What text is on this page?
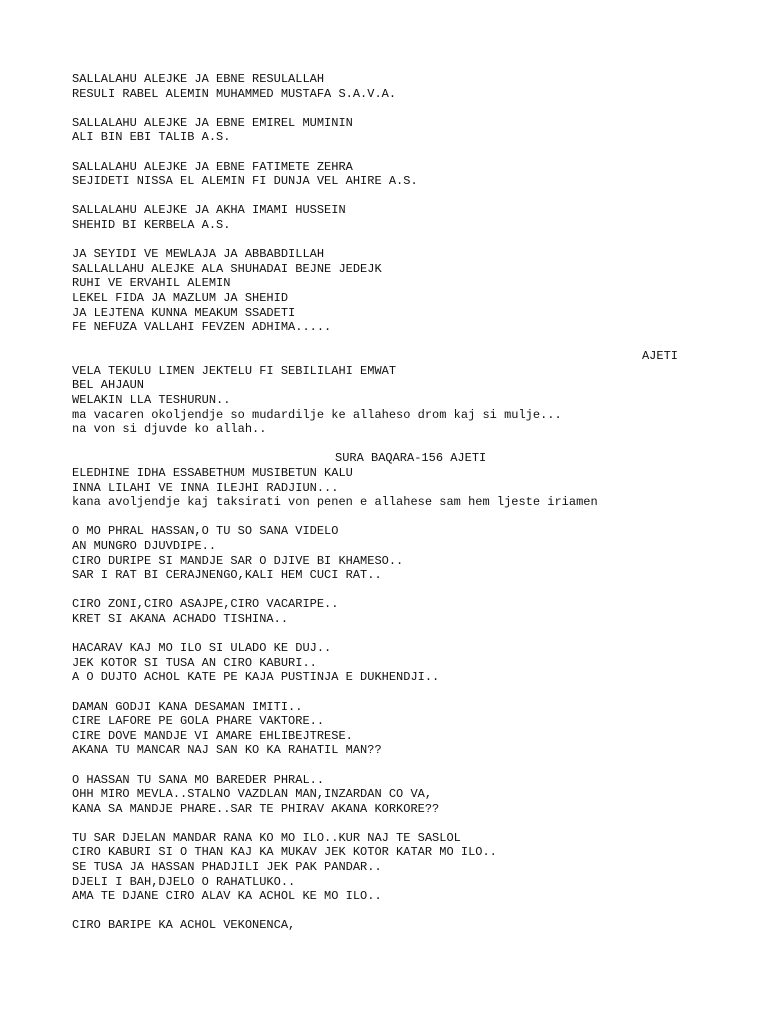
SALLALAHU ALEJKE JA EBNE RESULALLAH
RESULI RABEL ALEMIN MUHAMMED MUSTAFA S.A.V.A.
SALLALAHU ALEJKE JA EBNE EMIREL MUMININ
ALI BIN EBI TALIB A.S.
SALLALAHU ALEJKE JA EBNE FATIMETE ZEHRA
SEJIDETI NISSA EL ALEMIN FI DUNJA VEL AHIRE A.S.
SALLALAHU ALEJKE JA AKHA IMAMI HUSSEIN
SHEHID BI KERBELA A.S.
JA SEYIDI VE MEWLAJA JA ABBABDILLAH
SALLALLAHU ALEJKE ALA SHUHADAI BEJNE JEDEJK
RUHI VE ERVAHIL ALEMIN
LEKEL FIDA JA MAZLUM JA SHEHID
JA LEJTENA KUNNA MEAKUM SSADETI
FE NEFUZA VALLAHI FEVZEN ADHIMA.....
AJETI
VELA TEKULU LIMEN JEKTELU FI SEBILILAHI EMWAT
BEL AHJAUN
WELAKIN LLA TESHURUN..
ma vacaren okoljendje so mudardilje ke allaheso drom kaj si mulje...
na von si djuvde ko allah..
SURA BAQARA-156 AJETI
ELEDHINE IDHA ESSABETHUM MUSIBETUN KALU
INNA LILAHI VE INNA ILEJHI RADJIUN...
kana avoljendje kaj taksirati von penen e allahese sam hem ljeste iriamen
O MO PHRAL HASSAN,O TU SO SANA VIDELO
AN MUNGRO DJUVDIPE..
CIRO DURIPE SI MANDJE SAR O DJIVE BI KHAMESO..
SAR I RAT BI CERAJNENGO,KALI HEM CUCI RAT..
CIRO ZONI,CIRO ASAJPE,CIRO VACARIPE..
KRET SI AKANA ACHADO TISHINA..
HACARAV KAJ MO ILO SI ULADO KE DUJ..
JEK KOTOR SI TUSA AN CIRO KABURI..
A O DUJTO ACHOL KATE PE KAJA PUSTINJA E DUKHENDJI..
DAMAN GODJI KANA DESAMAN IMITI..
CIRE LAFORE PE GOLA PHARE VAKTORE..
CIRE DOVE MANDJE VI AMARE EHLIBEJTRESE.
AKANA TU MANCAR NAJ SAN KO KA RAHATIL MAN??
O HASSAN TU SANA MO BAREDER PHRAL..
OHH MIRO MEVLA..STALNO VAZDLAN MAN,INZARDAN CO VA,
KANA SA MANDJE PHARE..SAR TE PHIRAV AKANA KORKORE??
TU SAR DJELAN MANDAR RANA KO MO ILO..KUR NAJ TE SASLOL
CIRO KABURI SI O THAN KAJ KA MUKAV JEK KOTOR KATAR MO ILO..
SE TUSA JA HASSAN PHADJILI JEK PAK PANDAR..
DJELI I BAH,DJELO O RAHATLUKO..
AMA TE DJANE CIRO ALAV KA ACHOL KE MO ILO..
CIRO BARIPE KA ACHOL VEKONENCA,
